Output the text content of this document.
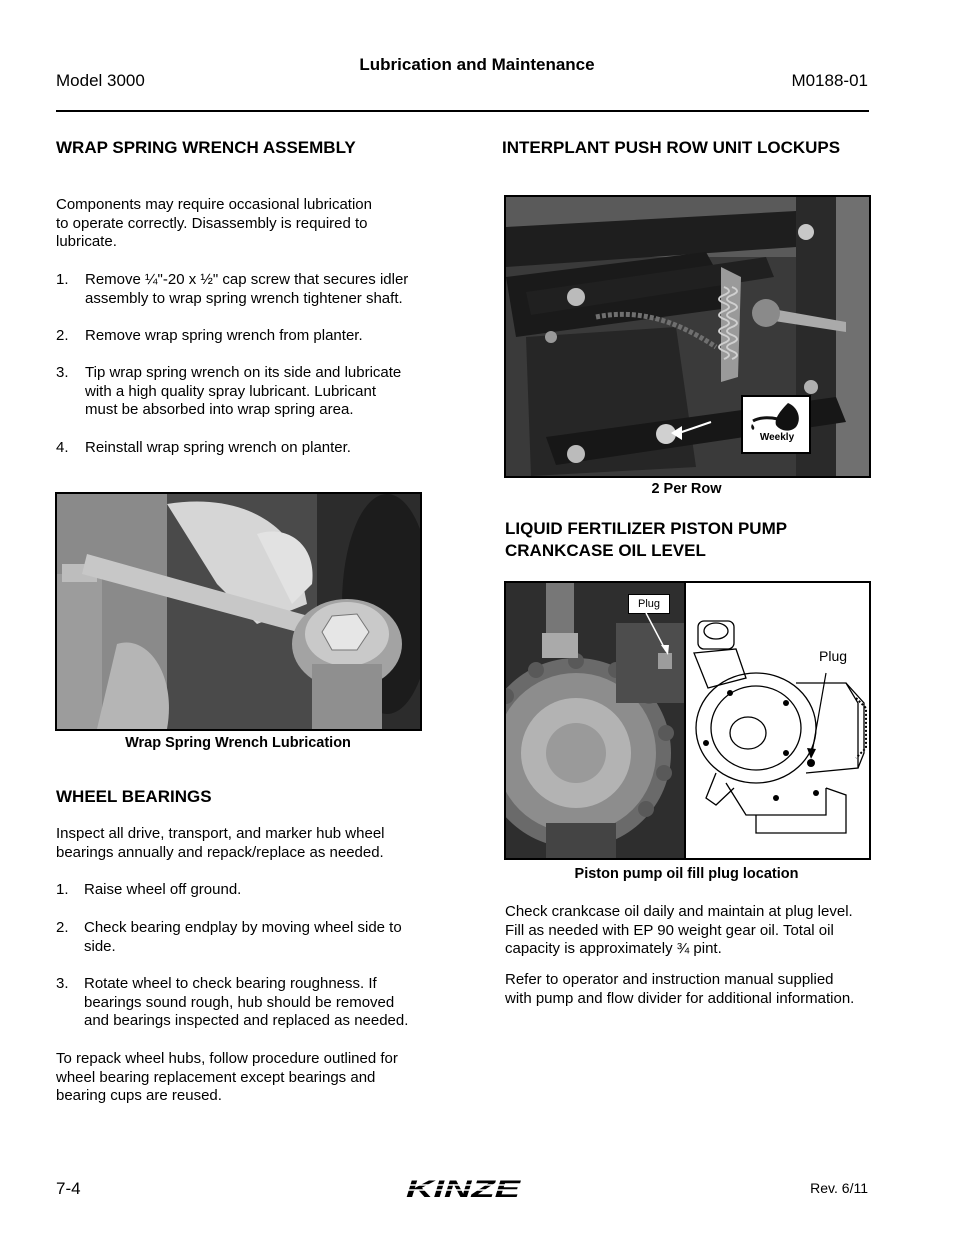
Lubrication and Maintenance
Model 3000	M0188-01
WRAP SPRING WRENCH ASSEMBLY

Components may require occasional lubrication

to operate correctly. Disassembly is required to

lubricate.

1. Remove ¼"-20 x ½" cap screw that secures idler
assembly to wrap spring wrench tightener shaft.
2. Remove wrap spring wrench from planter.
3. Tip wrap spring wrench on its side and lubricate
with a high quality spray lubricant. Lubricant
must be absorbed into wrap spring area.
4. Reinstall wrap spring wrench on planter.
Wrap Spring Wrench Lubrication
WHEEL BEARINGS

Inspect all drive, transport, and marker hub wheel

bearings annually and repack/replace as needed.

1. Raise wheel off ground.
2. Check bearing endplay by moving wheel side to
side.
3. Rotate wheel to check bearing roughness. If
bearings sound rough, hub should be removed
and bearings inspected and replaced as needed.

To repack wheel hubs, follow procedure outlined for

wheel bearing replacement except bearings and

bearing cups are reused.

INTERPLANT PUSH ROW UNIT LOCKUPS
Weekly
2 Per Row
LIQUID FERTILIZER PISTON PUMP
CRANKCASE OIL LEVEL
Plug
Plug
Piston pump oil fill plug location

Check crankcase oil daily and maintain at plug level.

Fill as needed with EP 90 weight gear oil. Total oil

capacity is approximately ¾ pint.

Refer to operator and instruction manual supplied

with pump and flow divider for additional information.

7-4	KINZE	Rev. 6/11
